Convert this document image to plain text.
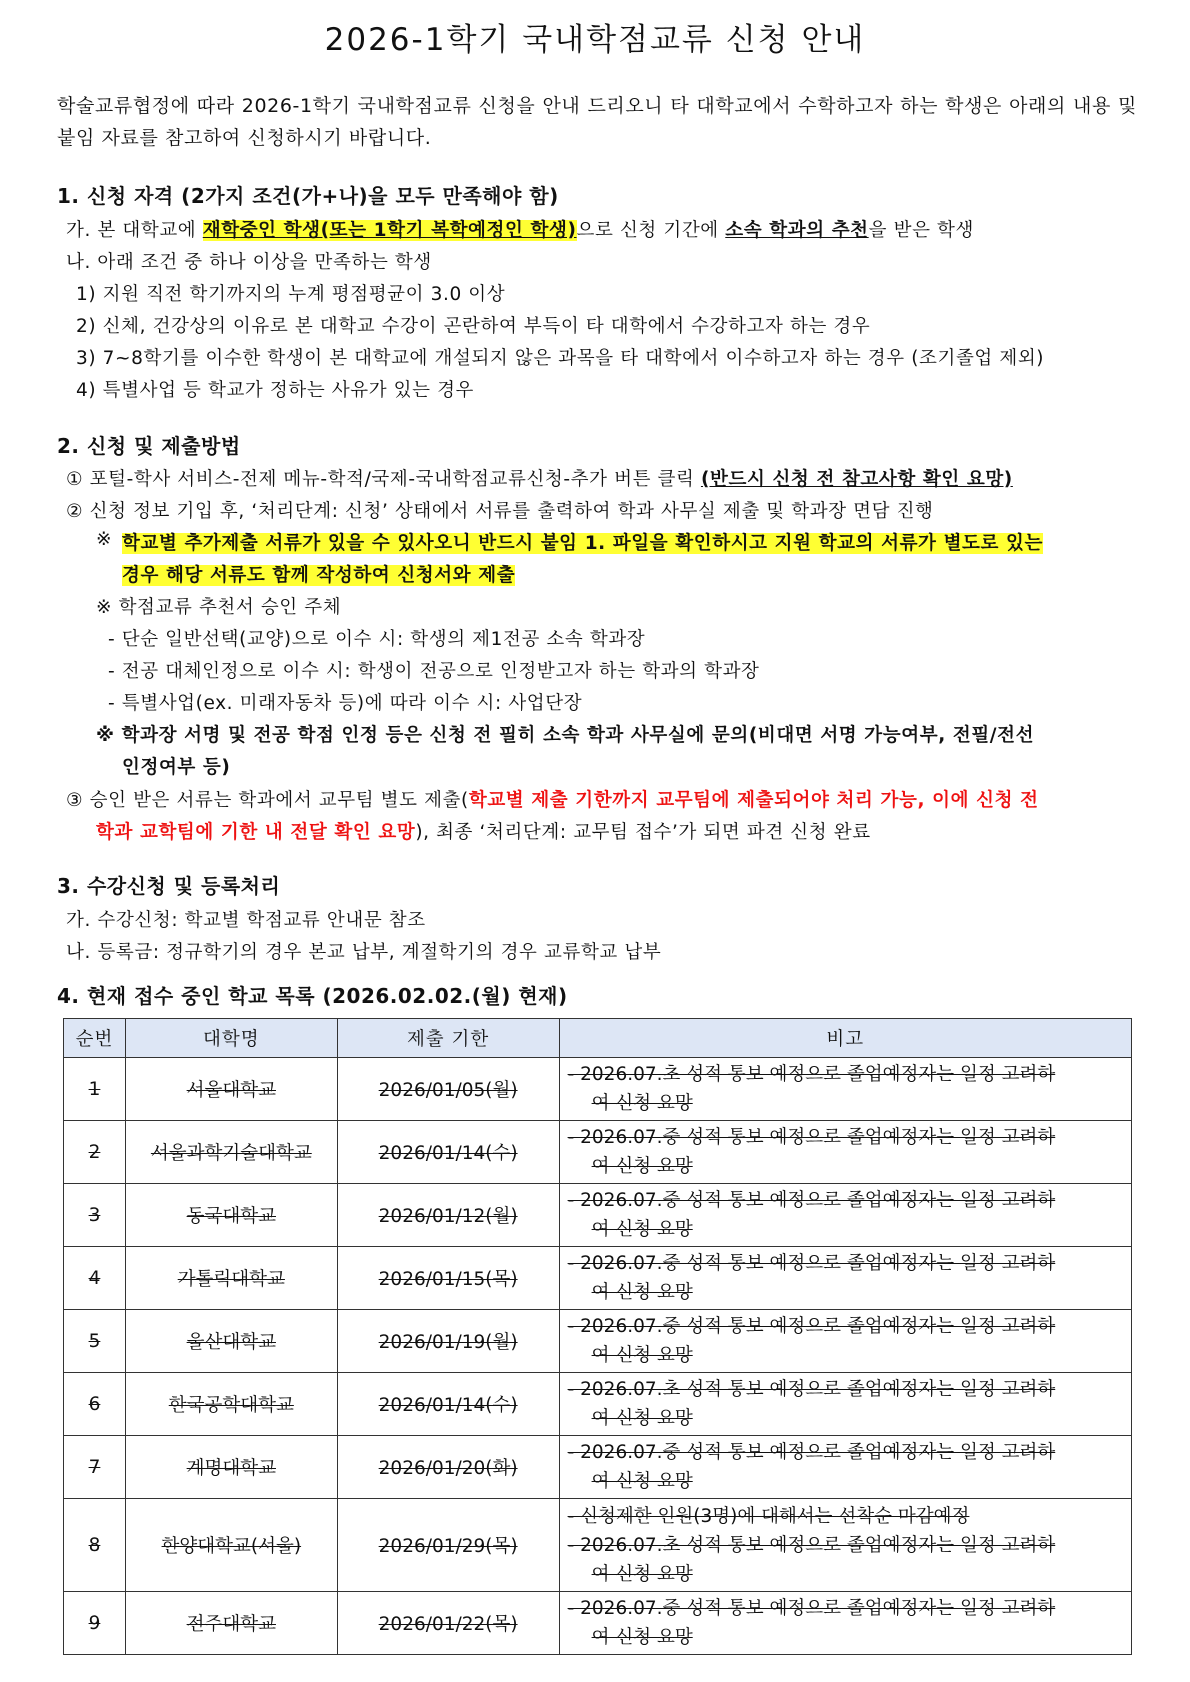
2026-1학기 국내학점교류 신청 안내
학술교류협정에 따라 2026-1학기 국내학점교류 신청을 안내 드리오니 타 대학교에서 수학하고자 하는 학생은 아래의 내용 및 붙임 자료를 참고하여 신청하시기 바랍니다.
1. 신청 자격 (2가지 조건(가+나)을 모두 만족해야 함)
가. 본 대학교에 재학중인 학생(또는 1학기 복학예정인 학생)으로 신청 기간에 소속 학과의 추천을 받은 학생
나. 아래 조건 중 하나 이상을 만족하는 학생
1) 지원 직전 학기까지의 누계 평점평균이 3.0 이상
2) 신체, 건강상의 이유로 본 대학교 수강이 곤란하여 부득이 타 대학에서 수강하고자 하는 경우
3) 7~8학기를 이수한 학생이 본 대학교에 개설되지 않은 과목을 타 대학에서 이수하고자 하는 경우 (조기졸업 제외)
4) 특별사업 등 학교가 정하는 사유가 있는 경우
2. 신청 및 제출방법
① 포털-학사 서비스-전제 메뉴-학적/국제-국내학점교류신청-추가 버튼 클릭 (반드시 신청 전 참고사항 확인 요망)
② 신청 정보 기입 후, ‘처리단계: 신청’ 상태에서 서류를 출력하여 학과 사무실 제출 및 학과장 면담 진행
※ 학교별 추가제출 서류가 있을 수 있사오니 반드시 붙임 1. 파일을 확인하시고 지원 학교의 서류가 별도로 있는
경우 해당 서류도 함께 작성하여 신청서와 제출
※ 학점교류 추천서 승인 주체
- 단순 일반선택(교양)으로 이수 시: 학생의 제1전공 소속 학과장
- 전공 대체인정으로 이수 시: 학생이 전공으로 인정받고자 하는 학과의 학과장
- 특별사업(ex. 미래자동차 등)에 따라 이수 시: 사업단장
※ 학과장 서명 및 전공 학점 인정 등은 신청 전 필히 소속 학과 사무실에 문의(비대면 서명 가능여부, 전필/전선
인정여부 등)
③ 승인 받은 서류는 학과에서 교무팀 별도 제출(학교별 제출 기한까지 교무팀에 제출되어야 처리 가능, 이에 신청 전
학과 교학팀에 기한 내 전달 확인 요망), 최종 ‘처리단계: 교무팀 접수’가 되면 파견 신청 완료
3. 수강신청 및 등록처리
가. 수강신청: 학교별 학점교류 안내문 참조
나. 등록금: 정규학기의 경우 본교 납부, 계절학기의 경우 교류학교 납부
4. 현재 접수 중인 학교 목록 (2026.02.02.(월) 현재)
순번	대학명	제출 기한	비고
1	서울대학교	2026/01/05(월)	- 2026.07.초 성적 통보 예정으로 졸업예정자는 일정 고려하
여 신청 요망

2	서울과학기술대학교	2026/01/14(수)	- 2026.07.중 성적 통보 예정으로 졸업예정자는 일정 고려하
여 신청 요망

3	동국대학교	2026/01/12(월)	- 2026.07.중 성적 통보 예정으로 졸업예정자는 일정 고려하
여 신청 요망

4	가톨릭대학교	2026/01/15(목)	- 2026.07.중 성적 통보 예정으로 졸업예정자는 일정 고려하
여 신청 요망

5	울산대학교	2026/01/19(월)	- 2026.07.중 성적 통보 예정으로 졸업예정자는 일정 고려하
여 신청 요망

6	한국공학대학교	2026/01/14(수)	- 2026.07.초 성적 통보 예정으로 졸업예정자는 일정 고려하
여 신청 요망

7	계명대학교	2026/01/20(화)	- 2026.07.중 성적 통보 예정으로 졸업예정자는 일정 고려하
여 신청 요망

8	한양대학교(서울)	2026/01/29(목)	- 신청제한 인원(3명)에 대해서는 선착순 마감예정
- 2026.07.초 성적 통보 예정으로 졸업예정자는 일정 고려하
여 신청 요망

9	전주대학교	2026/01/22(목)	- 2026.07.중 성적 통보 예정으로 졸업예정자는 일정 고려하
여 신청 요망
